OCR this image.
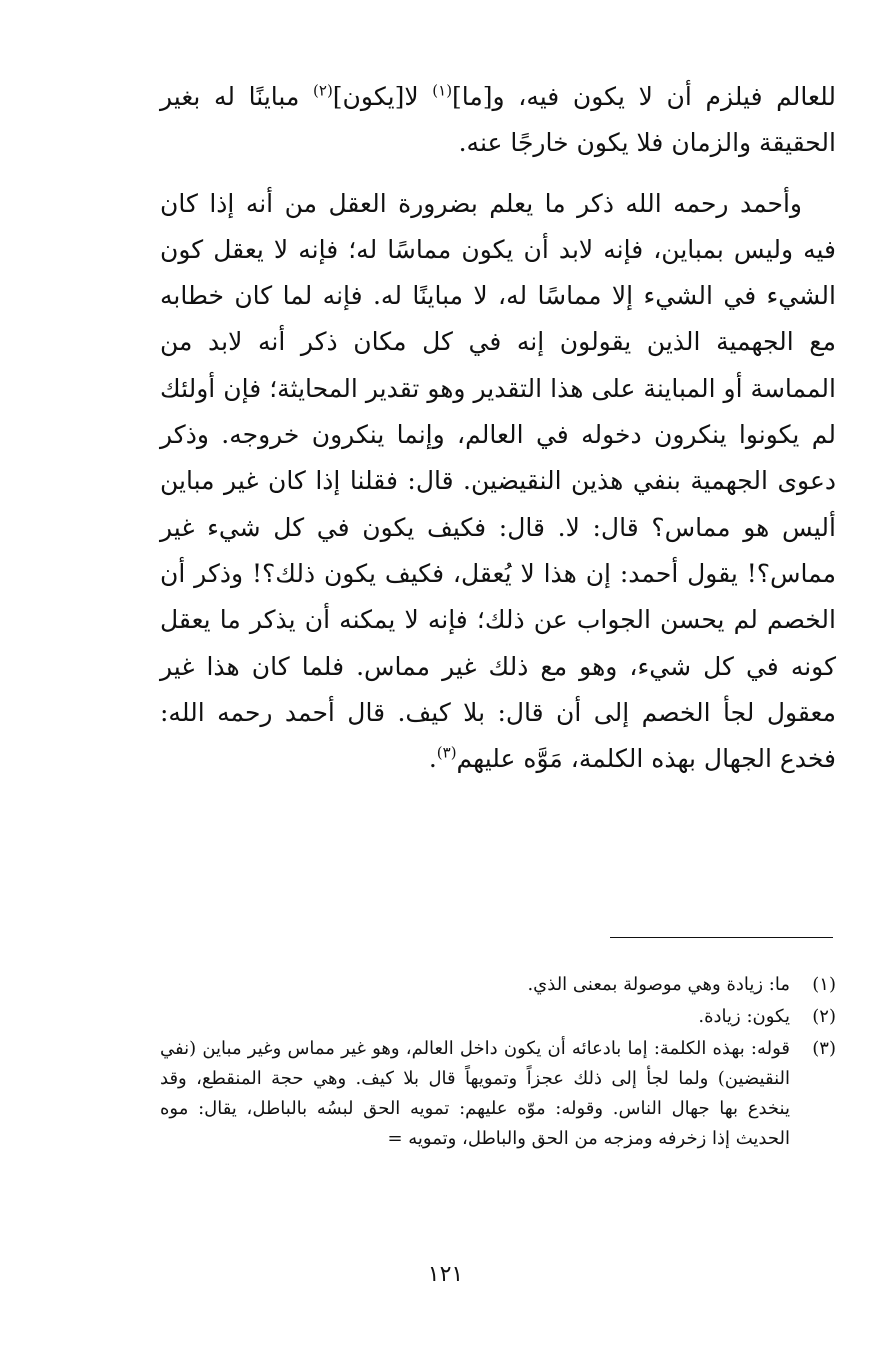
للعالم فيلزم أن لا يكون فيه، و[ما]$^{(١)}$ لا[يكون]$^{(٢)}$ مباينًا له بغير الحقيقة والزمان فلا يكون خارجًا عنه.

وأحمد رحمه الله ذكر ما يعلم بضرورة العقل من أنه إذا كان فيه وليس بمباين، فإنه لابد أن يكون مماسًا له؛ فإنه لا يعقل كون الشيء في الشيء إلا مماسًا له، لا مباينًا له. فإنه لما كان خطابه مع الجهمية الذين يقولون إنه في كل مكان ذكر أنه لابد من المماسة أو المباينة على هذا التقدير وهو تقدير المحايثة؛ فإن أولئك لم يكونوا ينكرون دخوله في العالم، وإنما ينكرون خروجه. وذكر دعوى الجهمية بنفي هذين النقيضين. قال: فقلنا إذا كان غير مباين أليس هو مماس؟ قال: لا. قال: فكيف يكون في كل شيء غير مماس؟! يقول أحمد: إن هذا لا يُعقل، فكيف يكون ذلك؟! وذكر أن الخصم لم يحسن الجواب عن ذلك؛ فإنه لا يمكنه أن يذكر ما يعقل كونه في كل شيء، وهو مع ذلك غير مماس. فلما كان هذا غير معقول لجأ الخصم إلى أن قال: بلا كيف. قال أحمد رحمه الله: فخدع الجهال بهذه الكلمة، مَوَّه عليهم$^{(٣)}$.

(١)
ما: زيادة وهي موصولة بمعنى الذي.
(٢)
يكون: زيادة.
(٣)
قوله: بهذه الكلمة: إما بادعائه أن يكون داخل العالم، وهو غير مماس وغير مباين (نفي النقيضين) ولما لجأ إلى ذلك عجزاً وتمويهاً قال بلا كيف. وهي حجة المنقطع، وقد ينخدع بها جهال الناس. وقوله: موّه عليهم: تمويه الحق لبسُه بالباطل، يقال: موه الحديث إذا زخرفه ومزجه من الحق والباطل، وتمويه =
١٢١
